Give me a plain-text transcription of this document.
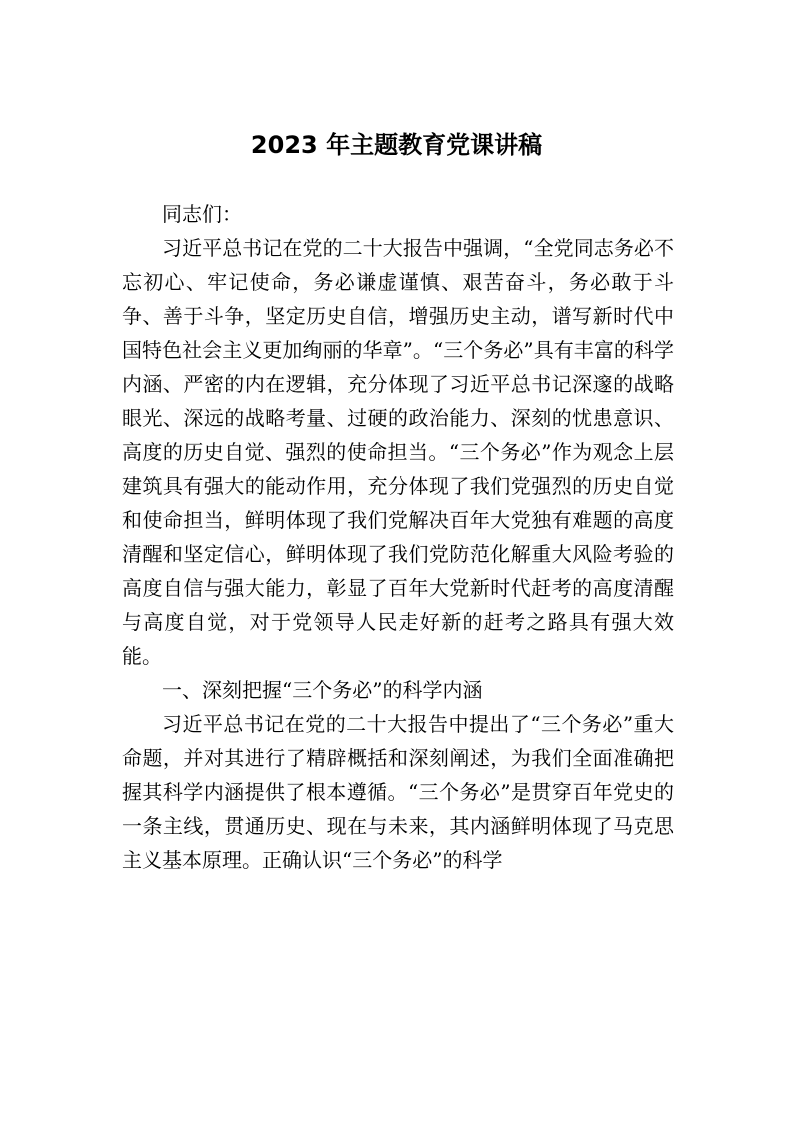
2023 年主题教育党课讲稿

同志们：

习近平总书记在党的二十大报告中强调，“全党同志务必不忘初心、牢记使命，务必谦虚谨慎、艰苦奋斗，务必敢于斗争、善于斗争，坚定历史自信，增强历史主动，谱写新时代中国特色社会主义更加绚丽的华章”。“三个务必”具有丰富的科学内涵、严密的内在逻辑，充分体现了习近平总书记深邃的战略眼光、深远的战略考量、过硬的政治能力、深刻的忧患意识、高度的历史自觉、强烈的使命担当。“三个务必”作为观念上层建筑具有强大的能动作用，充分体现了我们党强烈的历史自觉和使命担当，鲜明体现了我们党解决百年大党独有难题的高度清醒和坚定信心，鲜明体现了我们党防范化解重大风险考验的高度自信与强大能力，彰显了百年大党新时代赶考的高度清醒与高度自觉，对于党领导人民走好新的赶考之路具有强大效能。

一、深刻把握“三个务必”的科学内涵

习近平总书记在党的二十大报告中提出了“三个务必”重大命题，并对其进行了精辟概括和深刻阐述，为我们全面准确把握其科学内涵提供了根本遵循。“三个务必”是贯穿百年党史的一条主线，贯通历史、现在与未来，其内涵鲜明体现了马克思主义基本原理。正确认识“三个务必”的科学
